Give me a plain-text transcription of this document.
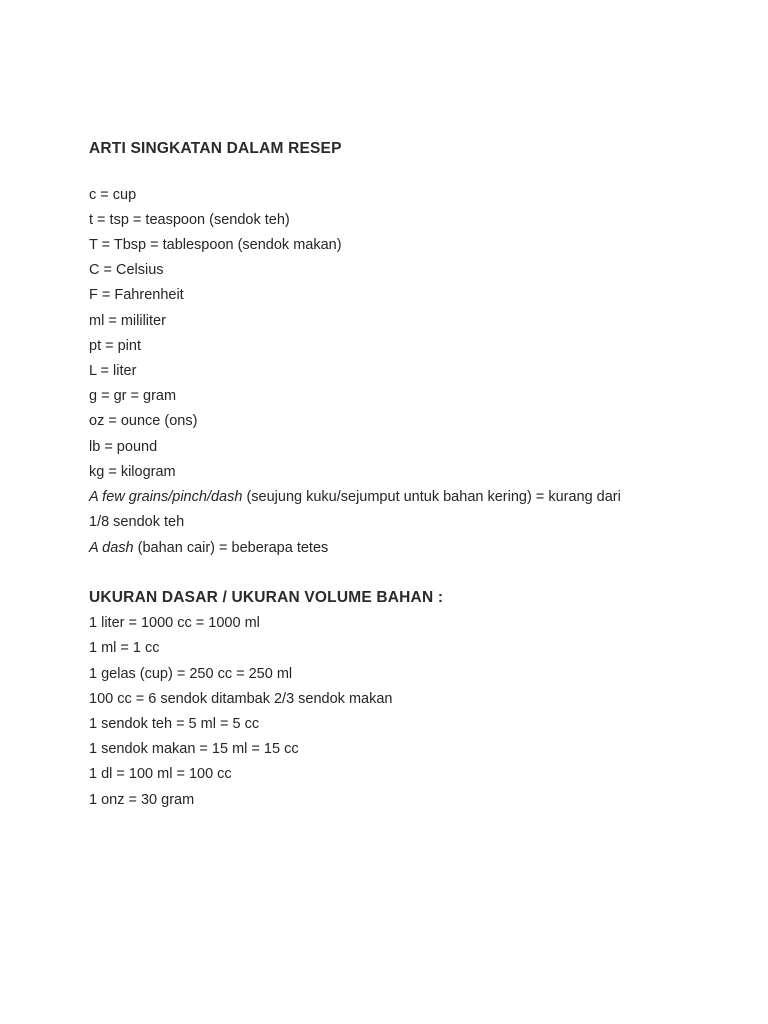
ARTI SINGKATAN DALAM RESEP
c = cup
t = tsp = teaspoon (sendok teh)
T = Tbsp = tablespoon (sendok makan)
C = Celsius
F = Fahrenheit
ml = mililiter
pt = pint
L = liter
g = gr = gram
oz = ounce (ons)
lb = pound
kg = kilogram
A few grains/pinch/dash (seujung kuku/sejumput untuk bahan kering) = kurang dari
1/8 sendok teh
A dash (bahan cair) = beberapa tetes
UKURAN DASAR / UKURAN VOLUME BAHAN :
1 liter = 1000 cc = 1000 ml
1 ml = 1 cc
1 gelas (cup) = 250 cc = 250 ml
100 cc = 6 sendok ditambak 2/3 sendok makan
1 sendok teh = 5 ml = 5 cc
1 sendok makan = 15 ml = 15 cc
1 dl = 100 ml = 100 cc
1 onz = 30 gram
